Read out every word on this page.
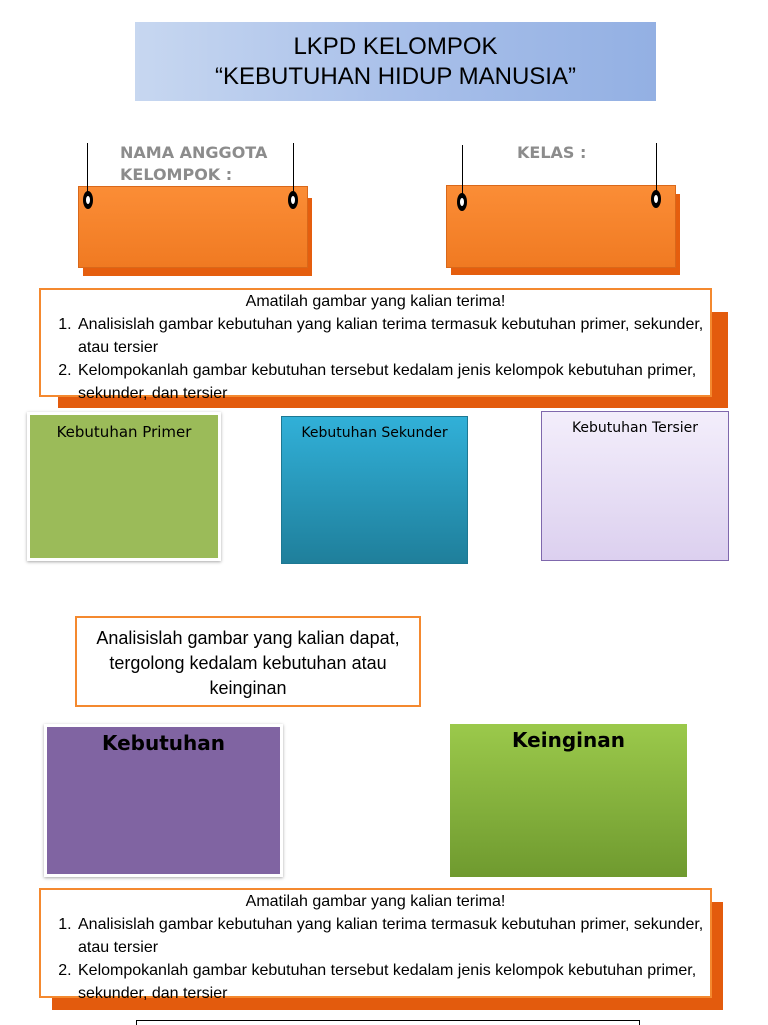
LKPD KELOMPOK
“KEBUTUHAN HIDUP MANUSIA”
NAMA ANGGOTA
KELOMPOK :
KELAS :
Amatilah gambar yang kalian terima!
1. Analisislah gambar kebutuhan yang kalian terima termasuk kebutuhan primer, sekunder, atau tersier
2. Kelompokanlah gambar kebutuhan tersebut kedalam jenis kelompok kebutuhan primer, sekunder, dan tersier
Kebutuhan Primer	Kebutuhan Sekunder	Kebutuhan Tersier
Analisislah gambar yang kalian dapat, tergolong kedalam kebutuhan atau keinginan
Kebutuhan	Keinginan
Amatilah gambar yang kalian terima!
1. Analisislah gambar kebutuhan yang kalian terima termasuk kebutuhan primer, sekunder, atau tersier
2. Kelompokanlah gambar kebutuhan tersebut kedalam jenis kelompok kebutuhan primer, sekunder, dan tersier
